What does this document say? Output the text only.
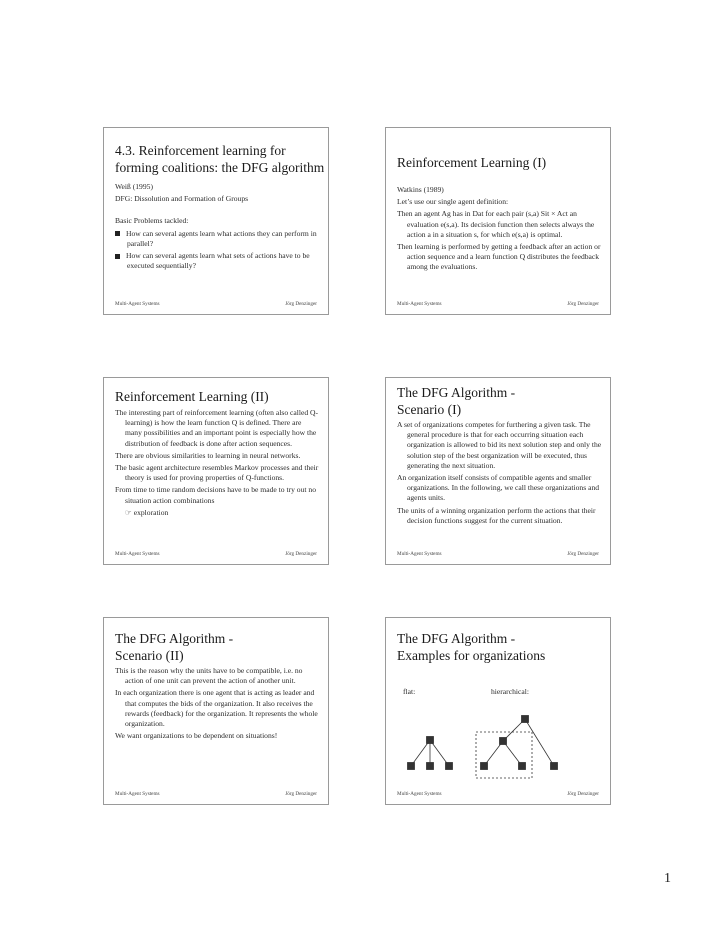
4.3. Reinforcement learning for
forming coalitions: the DFG algorithm

Weiß (1995)

DFG: Dissolution and Formation of Groups

Basic Problems tackled:

How can several agents learn what actions they can perform in parallel?

How can several agents learn what sets of actions have to be executed sequentially?

Multi-Agent Systems	Jörg Denzinger
Reinforcement Learning (I)

Watkins (1989)

Let’s use our single agent definition:

Then an agent Ag has in Dat for each pair (s,a) Sit × Act an evaluation e(s,a). Its decision function then selects always the action a in a situation s, for which e(s,a) is optimal.

Then learning is performed by getting a feedback after an action or action sequence and a learn function Q distributes the feedback among the evaluations.

Multi-Agent Systems	Jörg Denzinger
Reinforcement Learning (II)

The interesting part of reinforcement learning (often also called Q-learning) is how the learn function Q is defined. There are many possibilities and an important point is especially how the distribution of feedback is done after action sequences.

There are obvious similarities to learning in neural networks.

The basic agent architecture resembles Markov processes and their theory is used for proving properties of Q-functions.

From time to time random decisions have to be made to try out no situation action combinations

☞ exploration

Multi-Agent Systems	Jörg Denzinger
The DFG Algorithm -
Scenario (I)

A set of organizations competes for furthering a given task. The general procedure is that for each occurring situation each organization is allowed to bid its next solution step and only the solution step of the best organization will be executed, thus generating the next situation.

An organization itself consists of compatible agents and smaller organizations. In the following, we call these organizations and agents units.

The units of a winning organization perform the actions that their decision functions suggest for the current situation.

Multi-Agent Systems	Jörg Denzinger
The DFG Algorithm -
Scenario (II)

This is the reason why the units have to be compatible, i.e. no action of one unit can prevent the action of another unit.

In each organization there is one agent that is acting as leader and that computes the bids of the organization. It also receives the rewards (feedback) for the organization. It represents the whole organization.

We want organizations to be dependent on situations!

Multi-Agent Systems	Jörg Denzinger
The DFG Algorithm -
Examples for organizations
flat:	hierarchical:
Multi-Agent Systems	Jörg Denzinger
1
